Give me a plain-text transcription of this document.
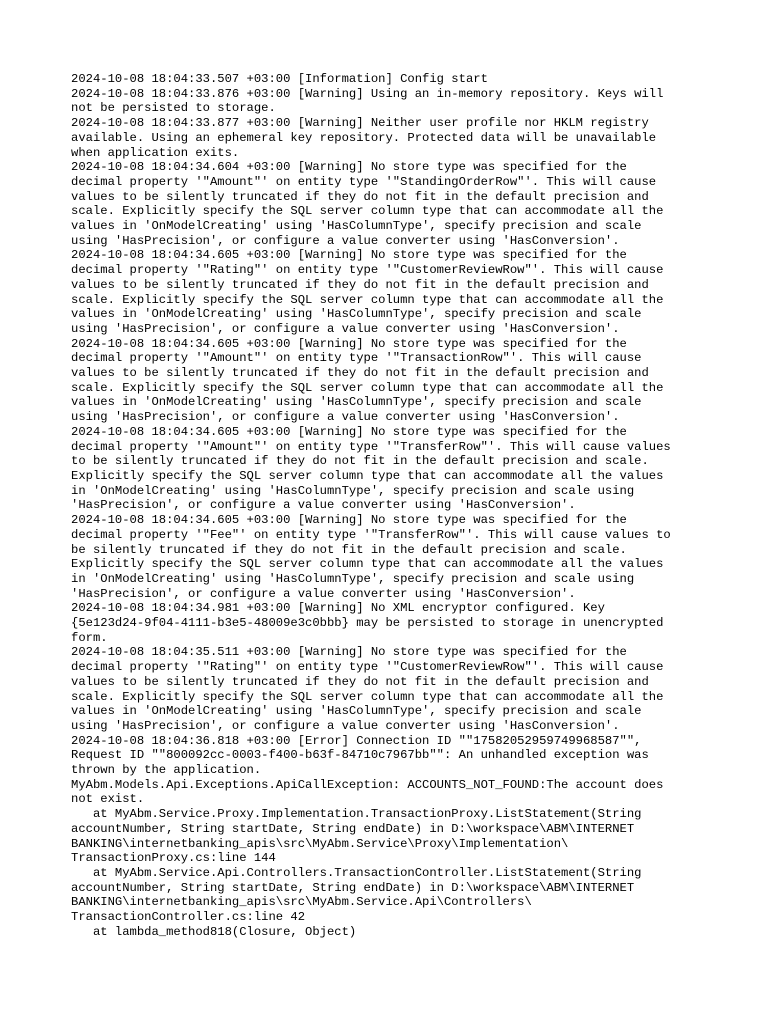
2024-10-08 18:04:33.507 +03:00 [Information] Config start
2024-10-08 18:04:33.876 +03:00 [Warning] Using an in-memory repository. Keys will
not be persisted to storage.
2024-10-08 18:04:33.877 +03:00 [Warning] Neither user profile nor HKLM registry
available. Using an ephemeral key repository. Protected data will be unavailable
when application exits.
2024-10-08 18:04:34.604 +03:00 [Warning] No store type was specified for the
decimal property '"Amount"' on entity type '"StandingOrderRow"'. This will cause
values to be silently truncated if they do not fit in the default precision and
scale. Explicitly specify the SQL server column type that can accommodate all the
values in 'OnModelCreating' using 'HasColumnType', specify precision and scale
using 'HasPrecision', or configure a value converter using 'HasConversion'.
2024-10-08 18:04:34.605 +03:00 [Warning] No store type was specified for the
decimal property '"Rating"' on entity type '"CustomerReviewRow"'. This will cause
values to be silently truncated if they do not fit in the default precision and
scale. Explicitly specify the SQL server column type that can accommodate all the
values in 'OnModelCreating' using 'HasColumnType', specify precision and scale
using 'HasPrecision', or configure a value converter using 'HasConversion'.
2024-10-08 18:04:34.605 +03:00 [Warning] No store type was specified for the
decimal property '"Amount"' on entity type '"TransactionRow"'. This will cause
values to be silently truncated if they do not fit in the default precision and
scale. Explicitly specify the SQL server column type that can accommodate all the
values in 'OnModelCreating' using 'HasColumnType', specify precision and scale
using 'HasPrecision', or configure a value converter using 'HasConversion'.
2024-10-08 18:04:34.605 +03:00 [Warning] No store type was specified for the
decimal property '"Amount"' on entity type '"TransferRow"'. This will cause values
to be silently truncated if they do not fit in the default precision and scale.
Explicitly specify the SQL server column type that can accommodate all the values
in 'OnModelCreating' using 'HasColumnType', specify precision and scale using
'HasPrecision', or configure a value converter using 'HasConversion'.
2024-10-08 18:04:34.605 +03:00 [Warning] No store type was specified for the
decimal property '"Fee"' on entity type '"TransferRow"'. This will cause values to
be silently truncated if they do not fit in the default precision and scale.
Explicitly specify the SQL server column type that can accommodate all the values
in 'OnModelCreating' using 'HasColumnType', specify precision and scale using
'HasPrecision', or configure a value converter using 'HasConversion'.
2024-10-08 18:04:34.981 +03:00 [Warning] No XML encryptor configured. Key
{5e123d24-9f04-4111-b3e5-48009e3c0bbb} may be persisted to storage in unencrypted
form.
2024-10-08 18:04:35.511 +03:00 [Warning] No store type was specified for the
decimal property '"Rating"' on entity type '"CustomerReviewRow"'. This will cause
values to be silently truncated if they do not fit in the default precision and
scale. Explicitly specify the SQL server column type that can accommodate all the
values in 'OnModelCreating' using 'HasColumnType', specify precision and scale
using 'HasPrecision', or configure a value converter using 'HasConversion'.
2024-10-08 18:04:36.818 +03:00 [Error] Connection ID ""17582052959749968587"",
Request ID ""800092cc-0003-f400-b63f-84710c7967bb"": An unhandled exception was
thrown by the application.
MyAbm.Models.Api.Exceptions.ApiCallException: ACCOUNTS_NOT_FOUND:The account does
not exist.
at MyAbm.Service.Proxy.Implementation.TransactionProxy.ListStatement(String
accountNumber, String startDate, String endDate) in D:\workspace\ABM\INTERNET
BANKING\internetbanking_apis\src\MyAbm.Service\Proxy\Implementation\
TransactionProxy.cs:line 144
at MyAbm.Service.Api.Controllers.TransactionController.ListStatement(String
accountNumber, String startDate, String endDate) in D:\workspace\ABM\INTERNET
BANKING\internetbanking_apis\src\MyAbm.Service.Api\Controllers\
TransactionController.cs:line 42
at lambda_method818(Closure, Object)
